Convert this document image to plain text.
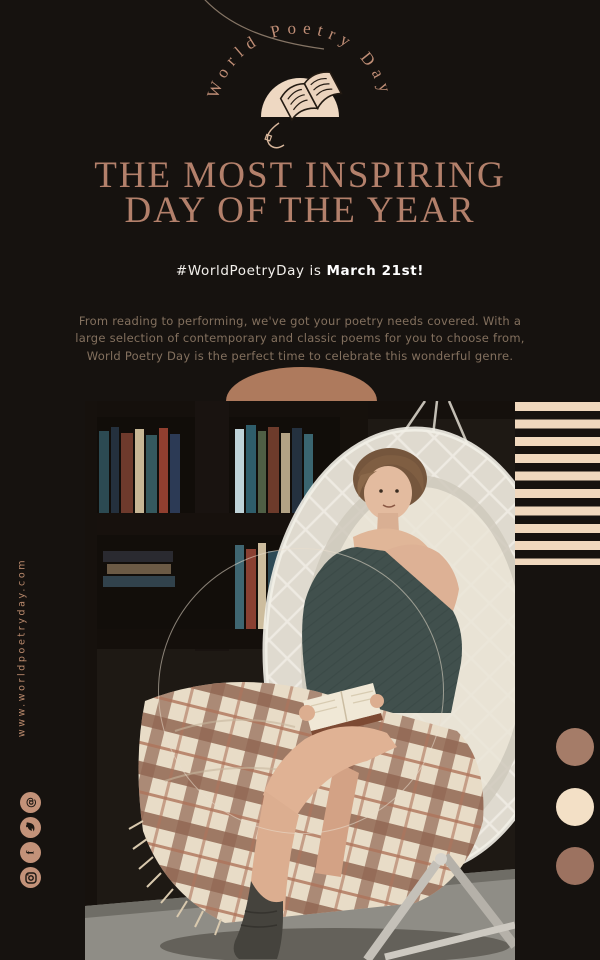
World Poetry Day
THE MOST INSPIRING
DAY OF THE YEAR
#WorldPoetryDay is March 21st!

From reading to performing, we've got your poetry needs covered. With a large selection of contemporary and classic poems for you to choose from, World Poetry Day is the perfect time to celebrate this wonderful genre.

www.worldpoetryday.com
@
f
